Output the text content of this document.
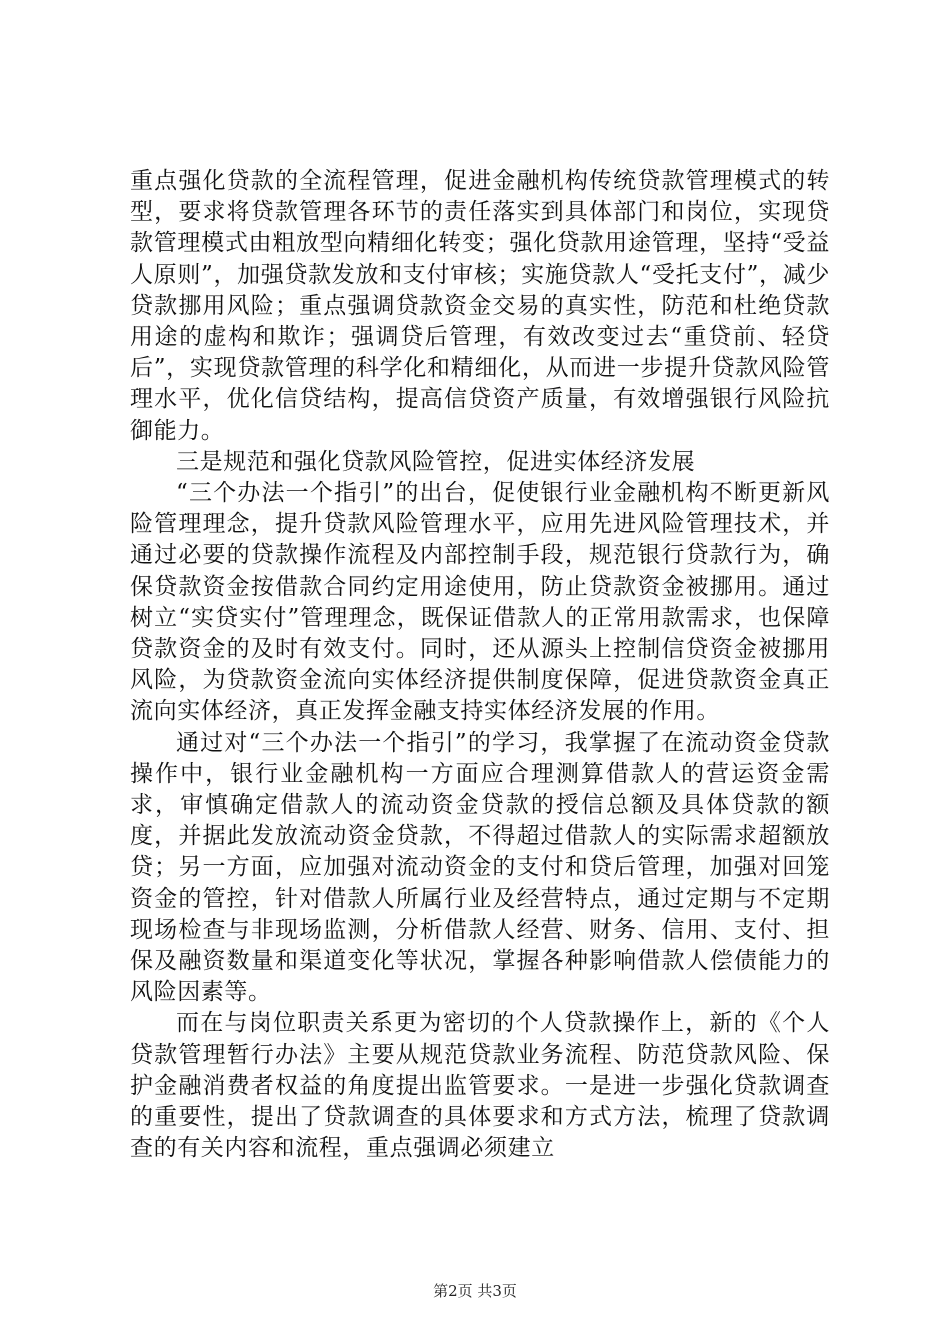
重点强化贷款的全流程管理，促进金融机构传统贷款管理模式的转型，要求将贷款管理各环节的责任落实到具体部门和岗位，实现贷款管理模式由粗放型向精细化转变；强化贷款用途管理，坚持“受益人原则”，加强贷款发放和支付审核；实施贷款人“受托支付”，减少贷款挪用风险；重点强调贷款资金交易的真实性，防范和杜绝贷款用途的虚构和欺诈；强调贷后管理，有效改变过去“重贷前、轻贷后”，实现贷款管理的科学化和精细化，从而进一步提升贷款风险管理水平，优化信贷结构，提高信贷资产质量，有效增强银行风险抗御能力。

三是规范和强化贷款风险管控，促进实体经济发展

“三个办法一个指引”的出台，促使银行业金融机构不断更新风险管理理念，提升贷款风险管理水平，应用先进风险管理技术，并通过必要的贷款操作流程及内部控制手段，规范银行贷款行为，确保贷款资金按借款合同约定用途使用，防止贷款资金被挪用。通过树立“实贷实付”管理理念，既保证借款人的正常用款需求，也保障贷款资金的及时有效支付。同时，还从源头上控制信贷资金被挪用风险，为贷款资金流向实体经济提供制度保障，促进贷款资金真正流向实体经济，真正发挥金融支持实体经济发展的作用。

通过对“三个办法一个指引”的学习，我掌握了在流动资金贷款操作中，银行业金融机构一方面应合理测算借款人的营运资金需求，审慎确定借款人的流动资金贷款的授信总额及具体贷款的额度，并据此发放流动资金贷款，不得超过借款人的实际需求超额放贷；另一方面，应加强对流动资金的支付和贷后管理，加强对回笼资金的管控，针对借款人所属行业及经营特点，通过定期与不定期现场检查与非现场监测，分析借款人经营、财务、信用、支付、担保及融资数量和渠道变化等状况，掌握各种影响借款人偿债能力的风险因素等。

而在与岗位职责关系更为密切的个人贷款操作上，新的《个人贷款管理暂行办法》主要从规范贷款业务流程、防范贷款风险、保护金融消费者权益的角度提出监管要求。一是进一步强化贷款调查的重要性，提出了贷款调查的具体要求和方式方法，梳理了贷款调查的有关内容和流程，重点强调必须建立

第2页 共3页
